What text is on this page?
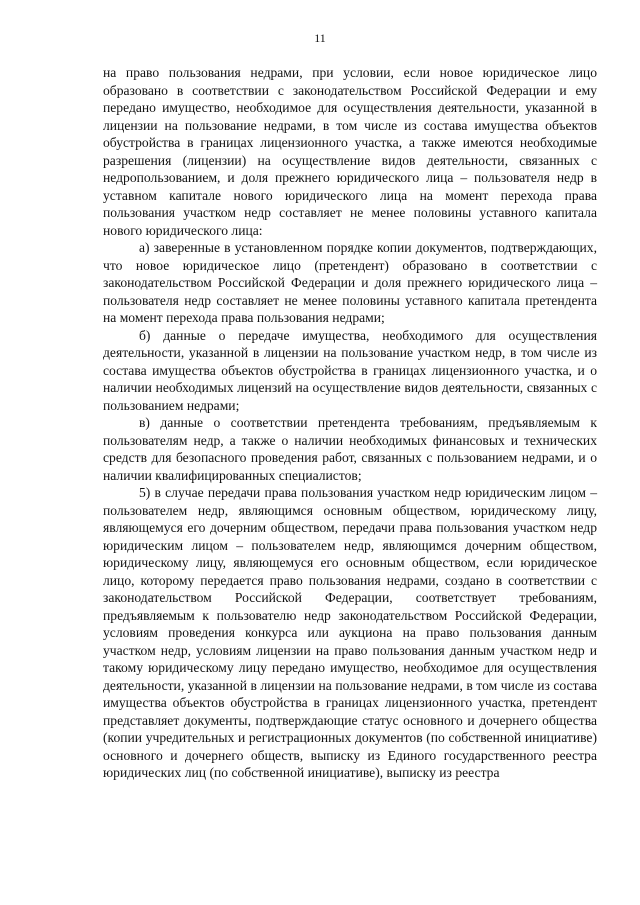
11

на право пользования недрами, при условии, если новое юридическое лицо образовано в соответствии с законодательством Российской Федерации и ему передано имущество, необходимое для осуществления деятельности, указанной в лицензии на пользование недрами, в том числе из состава имущества объектов обустройства в границах лицензионного участка, а также имеются необходимые разрешения (лицензии) на осуществление видов деятельности, связанных с недропользованием, и доля прежнего юридического лица – пользователя недр в уставном капитале нового юридического лица на момент перехода права пользования участком недр составляет не менее половины уставного капитала нового юридического лица:

а) заверенные в установленном порядке копии документов, подтверждающих, что новое юридическое лицо (претендент) образовано в соответствии с законодательством Российской Федерации и доля прежнего юридического лица – пользователя недр составляет не менее половины уставного капитала претендента на момент перехода права пользования недрами;

б) данные о передаче имущества, необходимого для осуществления деятельности, указанной в лицензии на пользование участком недр, в том числе из состава имущества объектов обустройства в границах лицензионного участка, и о наличии необходимых лицензий на осуществление видов деятельности, связанных с пользованием недрами;

в) данные о соответствии претендента требованиям, предъявляемым к пользователям недр, а также о наличии необходимых финансовых и технических средств для безопасного проведения работ, связанных с пользованием недрами, и о наличии квалифицированных специалистов;

5) в случае передачи права пользования участком недр юридическим лицом – пользователем недр, являющимся основным обществом, юридическому лицу, являющемуся его дочерним обществом, передачи права пользования участком недр юридическим лицом – пользователем недр, являющимся дочерним обществом, юридическому лицу, являющемуся его основным обществом, если юридическое лицо, которому передается право пользования недрами, создано в соответствии с законодательством Российской Федерации, соответствует требованиям, предъявляемым к пользователю недр законодательством Российской Федерации, условиям проведения конкурса или аукциона на право пользования данным участком недр, условиям лицензии на право пользования данным участком недр и такому юридическому лицу передано имущество, необходимое для осуществления деятельности, указанной в лицензии на пользование недрами, в том числе из состава имущества объектов обустройства в границах лицензионного участка, претендент представляет документы, подтверждающие статус основного и дочернего общества (копии учредительных и регистрационных документов (по собственной инициативе) основного и дочернего обществ, выписку из Единого государственного реестра юридических лиц (по собственной инициативе), выписку из реестра
